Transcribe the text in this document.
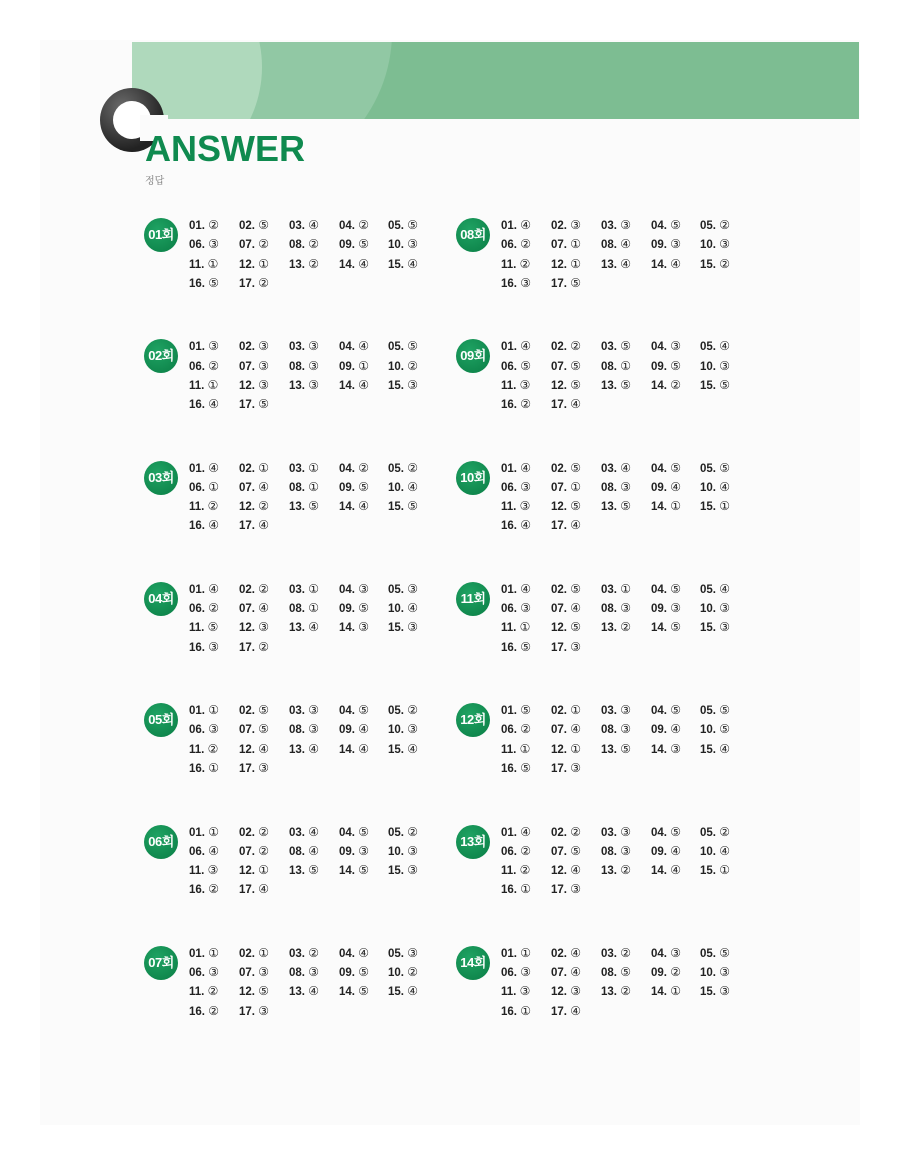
ANSWER
정답
01회
01. ②	02. ⑤	03. ④	04. ②	05. ⑤
06. ③	07. ②	08. ②	09. ⑤	10. ③
11. ①	12. ①	13. ②	14. ④	15. ④
16. ⑤	17. ②
02회
01. ③	02. ③	03. ③	04. ④	05. ⑤
06. ②	07. ③	08. ③	09. ①	10. ②
11. ①	12. ③	13. ③	14. ④	15. ③
16. ④	17. ⑤
03회
01. ④	02. ①	03. ①	04. ②	05. ②
06. ①	07. ④	08. ①	09. ⑤	10. ④
11. ②	12. ②	13. ⑤	14. ④	15. ⑤
16. ④	17. ④
04회
01. ④	02. ②	03. ①	04. ③	05. ③
06. ②	07. ④	08. ①	09. ⑤	10. ④
11. ⑤	12. ③	13. ④	14. ③	15. ③
16. ③	17. ②
05회
01. ①	02. ⑤	03. ③	04. ⑤	05. ②
06. ③	07. ⑤	08. ③	09. ④	10. ③
11. ②	12. ④	13. ④	14. ④	15. ④
16. ①	17. ③
06회
01. ①	02. ②	03. ④	04. ⑤	05. ②
06. ④	07. ②	08. ④	09. ③	10. ③
11. ③	12. ①	13. ⑤	14. ⑤	15. ③
16. ②	17. ④
07회
01. ①	02. ①	03. ②	04. ④	05. ③
06. ③	07. ③	08. ③	09. ⑤	10. ②
11. ②	12. ⑤	13. ④	14. ⑤	15. ④
16. ②	17. ③
08회
01. ④	02. ③	03. ③	04. ⑤	05. ②
06. ②	07. ①	08. ④	09. ③	10. ③
11. ②	12. ①	13. ④	14. ④	15. ②
16. ③	17. ⑤
09회
01. ④	02. ②	03. ⑤	04. ③	05. ④
06. ⑤	07. ⑤	08. ①	09. ⑤	10. ③
11. ③	12. ⑤	13. ⑤	14. ②	15. ⑤
16. ②	17. ④
10회
01. ④	02. ⑤	03. ④	04. ⑤	05. ⑤
06. ③	07. ①	08. ③	09. ④	10. ④
11. ③	12. ⑤	13. ⑤	14. ①	15. ①
16. ④	17. ④
11회
01. ④	02. ⑤	03. ①	04. ⑤	05. ④
06. ③	07. ④	08. ③	09. ③	10. ③
11. ①	12. ⑤	13. ②	14. ⑤	15. ③
16. ⑤	17. ③
12회
01. ⑤	02. ①	03. ③	04. ⑤	05. ⑤
06. ②	07. ④	08. ③	09. ④	10. ⑤
11. ①	12. ①	13. ⑤	14. ③	15. ④
16. ⑤	17. ③
13회
01. ④	02. ②	03. ③	04. ⑤	05. ②
06. ②	07. ⑤	08. ③	09. ④	10. ④
11. ②	12. ④	13. ②	14. ④	15. ①
16. ①	17. ③
14회
01. ①	02. ④	03. ②	04. ③	05. ⑤
06. ③	07. ④	08. ⑤	09. ②	10. ③
11. ③	12. ③	13. ②	14. ①	15. ③
16. ①	17. ④
